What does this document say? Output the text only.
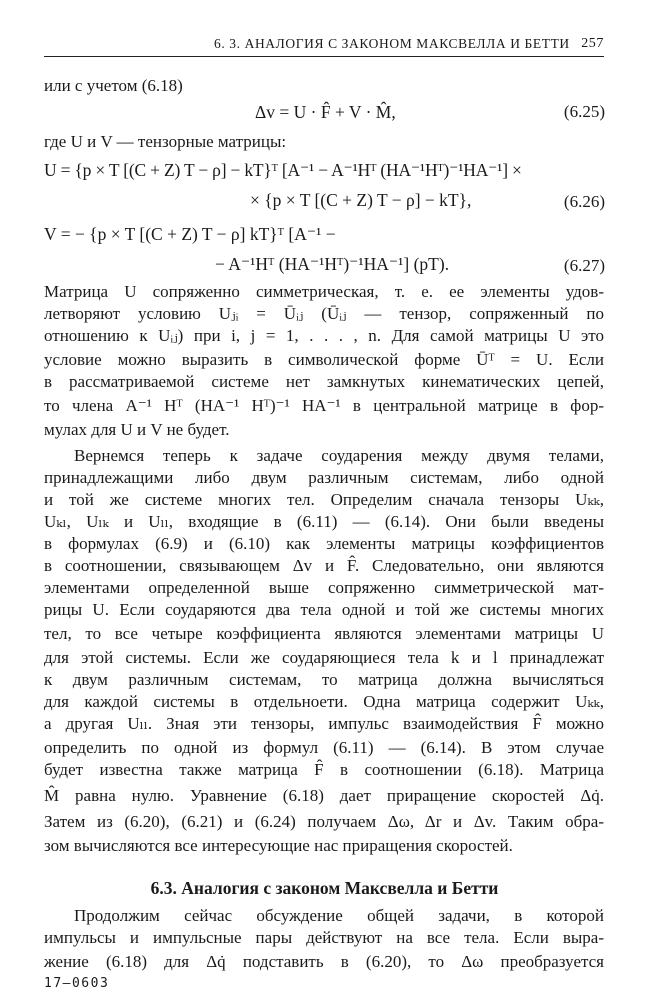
6. 3. АНАЛОГИЯ С ЗАКОНОМ МАКСВЕЛЛА И БЕТТИ 257

или с учетом (6.18)
Δv = U · F̂ + V · M̂,	(6.25)
где U и V — тензорные матрицы:
U = {p × T [(C + Z) T − ρ] − kT}ᵀ [A⁻¹ − A⁻¹Hᵀ (HA⁻¹Hᵀ)⁻¹HA⁻¹] ×
× {p × T [(C + Z) T − ρ] − kT},	(6.26)
V = − {p × T [(C + Z) T − ρ] kT}ᵀ [A⁻¹ −
− A⁻¹Hᵀ (HA⁻¹Hᵀ)⁻¹HA⁻¹] (pT).	(6.27)
Матрица U сопряженно симметрическая, т. е. ее элементы удов-
летворяют условию Uⱼᵢ = Ūᵢⱼ (Ūᵢⱼ — тензор, сопряженный по
отношению к Uᵢⱼ) при i, j = 1, . . . , n. Для самой матрицы U это
условие можно выразить в символической форме Ūᵀ = U. Если
в рассматриваемой системе нет замкнутых кинематических цепей,
то члена A⁻¹ Hᵀ (HA⁻¹ Hᵀ)⁻¹ HA⁻¹ в центральной матрице в фор-
мулах для U и V не будет.
Вернемся теперь к задаче соударения между двумя телами,
принадлежащими либо двум различным системам, либо одной
и той же системе многих тел. Определим сначала тензоры Uₖₖ,
Uₖₗ, Uₗₖ и Uₗₗ, входящие в (6.11) — (6.14). Они были введены
в формулах (6.9) и (6.10) как элементы матрицы коэффициентов
в соотношении, связывающем Δv и F̂. Следовательно, они являются
элементами определенной выше сопряженно симметрической мат-
рицы U. Если соударяются два тела одной и той же системы многих
тел, то все четыре коэффициента являются элементами матрицы U
для этой системы. Если же соударяющиеся тела k и l принадлежат
к двум различным системам, то матрица должна вычисляться
для каждой системы в отдельноети. Одна матрица содержит Uₖₖ,
а другая Uₗₗ. Зная эти тензоры, импульс взаимодействия F̂ можно
определить по одной из формул (6.11) — (6.14). В этом случае
будет известна также матрица F̂ в соотношении (6.18). Матрица
M̂ равна нулю. Уравнение (6.18) дает приращение скоростей Δq̇.
Затем из (6.20), (6.21) и (6.24) получаем Δω, Δr и Δv. Таким обра-
зом вычисляются все интересующие нас приращения скоростей.
6.3. Аналогия с законом Максвелла и Бетти
Продолжим сейчас обсуждение общей задачи, в которой
импульсы и импульсные пары действуют на все тела. Если выра-
жение (6.18) для Δq̇ подставить в (6.20), то Δω преобразуется
17—0603
